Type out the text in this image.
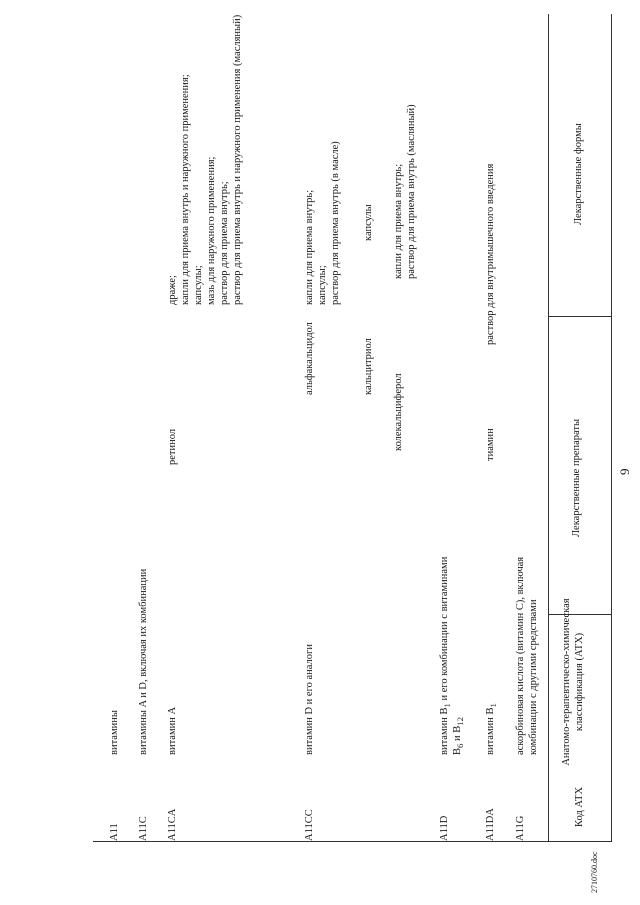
9
2710760.doc
Код АТХ
Анатомо-терапевтическо-химическая классификация (АТХ)
Лекарственные препараты
Лекарственные формы
A11
витамины
A11C
витамины A и D, включая их комбинации
A11CA
витамин A
ретинол
драже;
капли для приема внутрь и наружного применения;
капсулы;
мазь для наружного применения;
раствор для приема внутрь;
раствор для приема внутрь и наружного применения (масляный)
A11CC
витамин D и его аналоги
альфакальцидол
капли для приема внутрь;
капсулы;
раствор для приема внутрь (в масле)
кальцитриол
капсулы
колекальциферол
капли для приема внутрь;
раствор для приема внутрь (масляный)
A11D
витамин $B_1$ и его комбинации с витаминами
$B_6$ и $B_{12}$
A11DA
витамин $B_1$
тиамин
раствор для внутримышечного введения
A11G
аскорбиновая кислота (витамин C), включая комбинации с другими средствами
